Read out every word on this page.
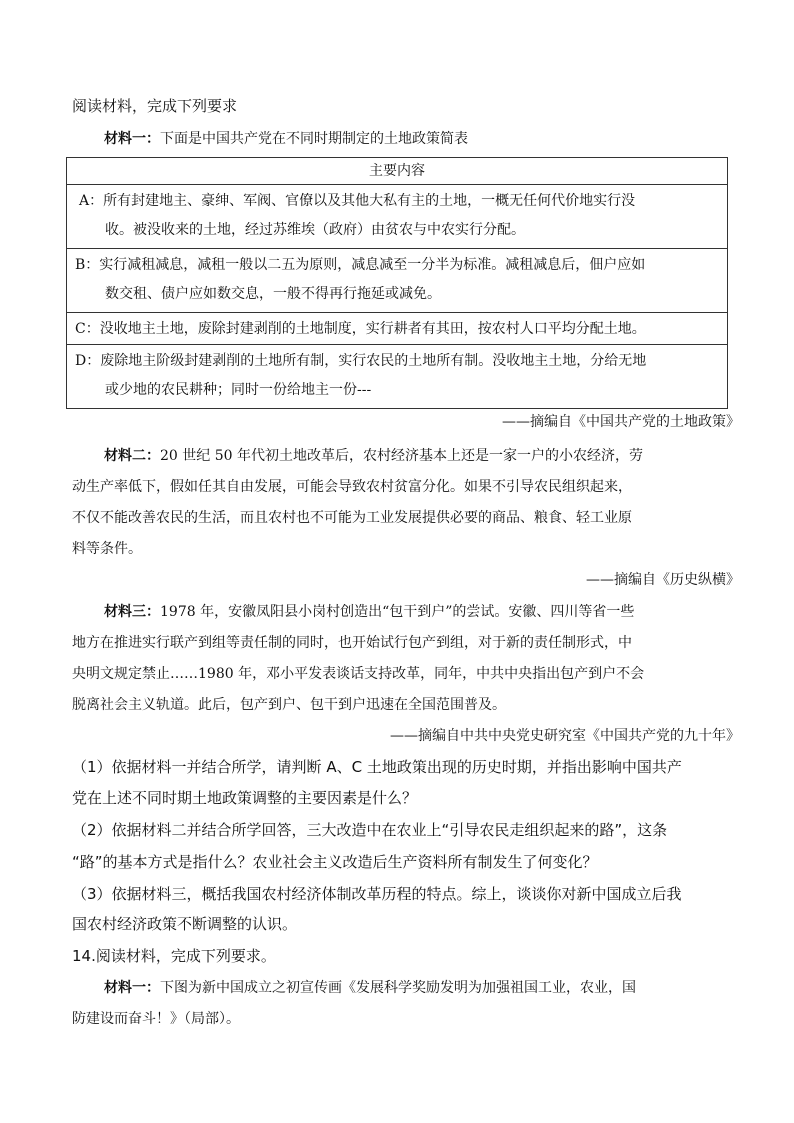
阅读材料，完成下列要求
材料一：下面是中国共产党在不同时期制定的土地政策简表
主要内容
A：所有封建地主、豪绅、军阀、官僚以及其他大私有主的土地，一概无任何代价地实行没
收。被没收来的土地，经过苏维埃（政府）由贫农与中农实行分配。
B：实行减租减息，减租一般以二五为原则，减息减至一分半为标准。减租减息后，佃户应如
数交租、债户应如数交息，一般不得再行拖延或减免。
C：没收地主土地，废除封建剥削的土地制度，实行耕者有其田，按农村人口平均分配土地。
D：废除地主阶级封建剥削的土地所有制，实行农民的土地所有制。没收地主土地，分给无地
或少地的农民耕种；同时一份给地主一份---
——摘编自《中国共产党的土地政策》
材料二：20 世纪 50 年代初土地改革后，农村经济基本上还是一家一户的小农经济，劳
动生产率低下，假如任其自由发展，可能会导致农村贫富分化。如果不引导农民组织起来，
不仅不能改善农民的生活，而且农村也不可能为工业发展提供必要的商品、粮食、轻工业原
料等条件。
——摘编自《历史纵横》
材料三：1978 年，安徽凤阳县小岗村创造出“包干到户”的尝试。安徽、四川等省一些
地方在推进实行联产到组等责任制的同时，也开始试行包产到组，对于新的责任制形式，中
央明文规定禁止……1980 年，邓小平发表谈话支持改革，同年，中共中央指出包产到户不会
脱离社会主义轨道。此后，包产到户、包干到户迅速在全国范围普及。
——摘编自中共中央党史研究室《中国共产党的九十年》
（1）依据材料一并结合所学，请判断 A、C 土地政策出现的历史时期，并指出影响中国共产
党在上述不同时期土地政策调整的主要因素是什么？
（2）依据材料二并结合所学回答，三大改造中在农业上“引导农民走组织起来的路”，这条
“路”的基本方式是指什么？农业社会主义改造后生产资料所有制发生了何变化？
（3）依据材料三，概括我国农村经济体制改革历程的特点。综上，谈谈你对新中国成立后我
国农村经济政策不断调整的认识。
14.阅读材料，完成下列要求。
材料一：下图为新中国成立之初宣传画《发展科学奖励发明为加强祖国工业，农业，国
防建设而奋斗！》（局部）。
